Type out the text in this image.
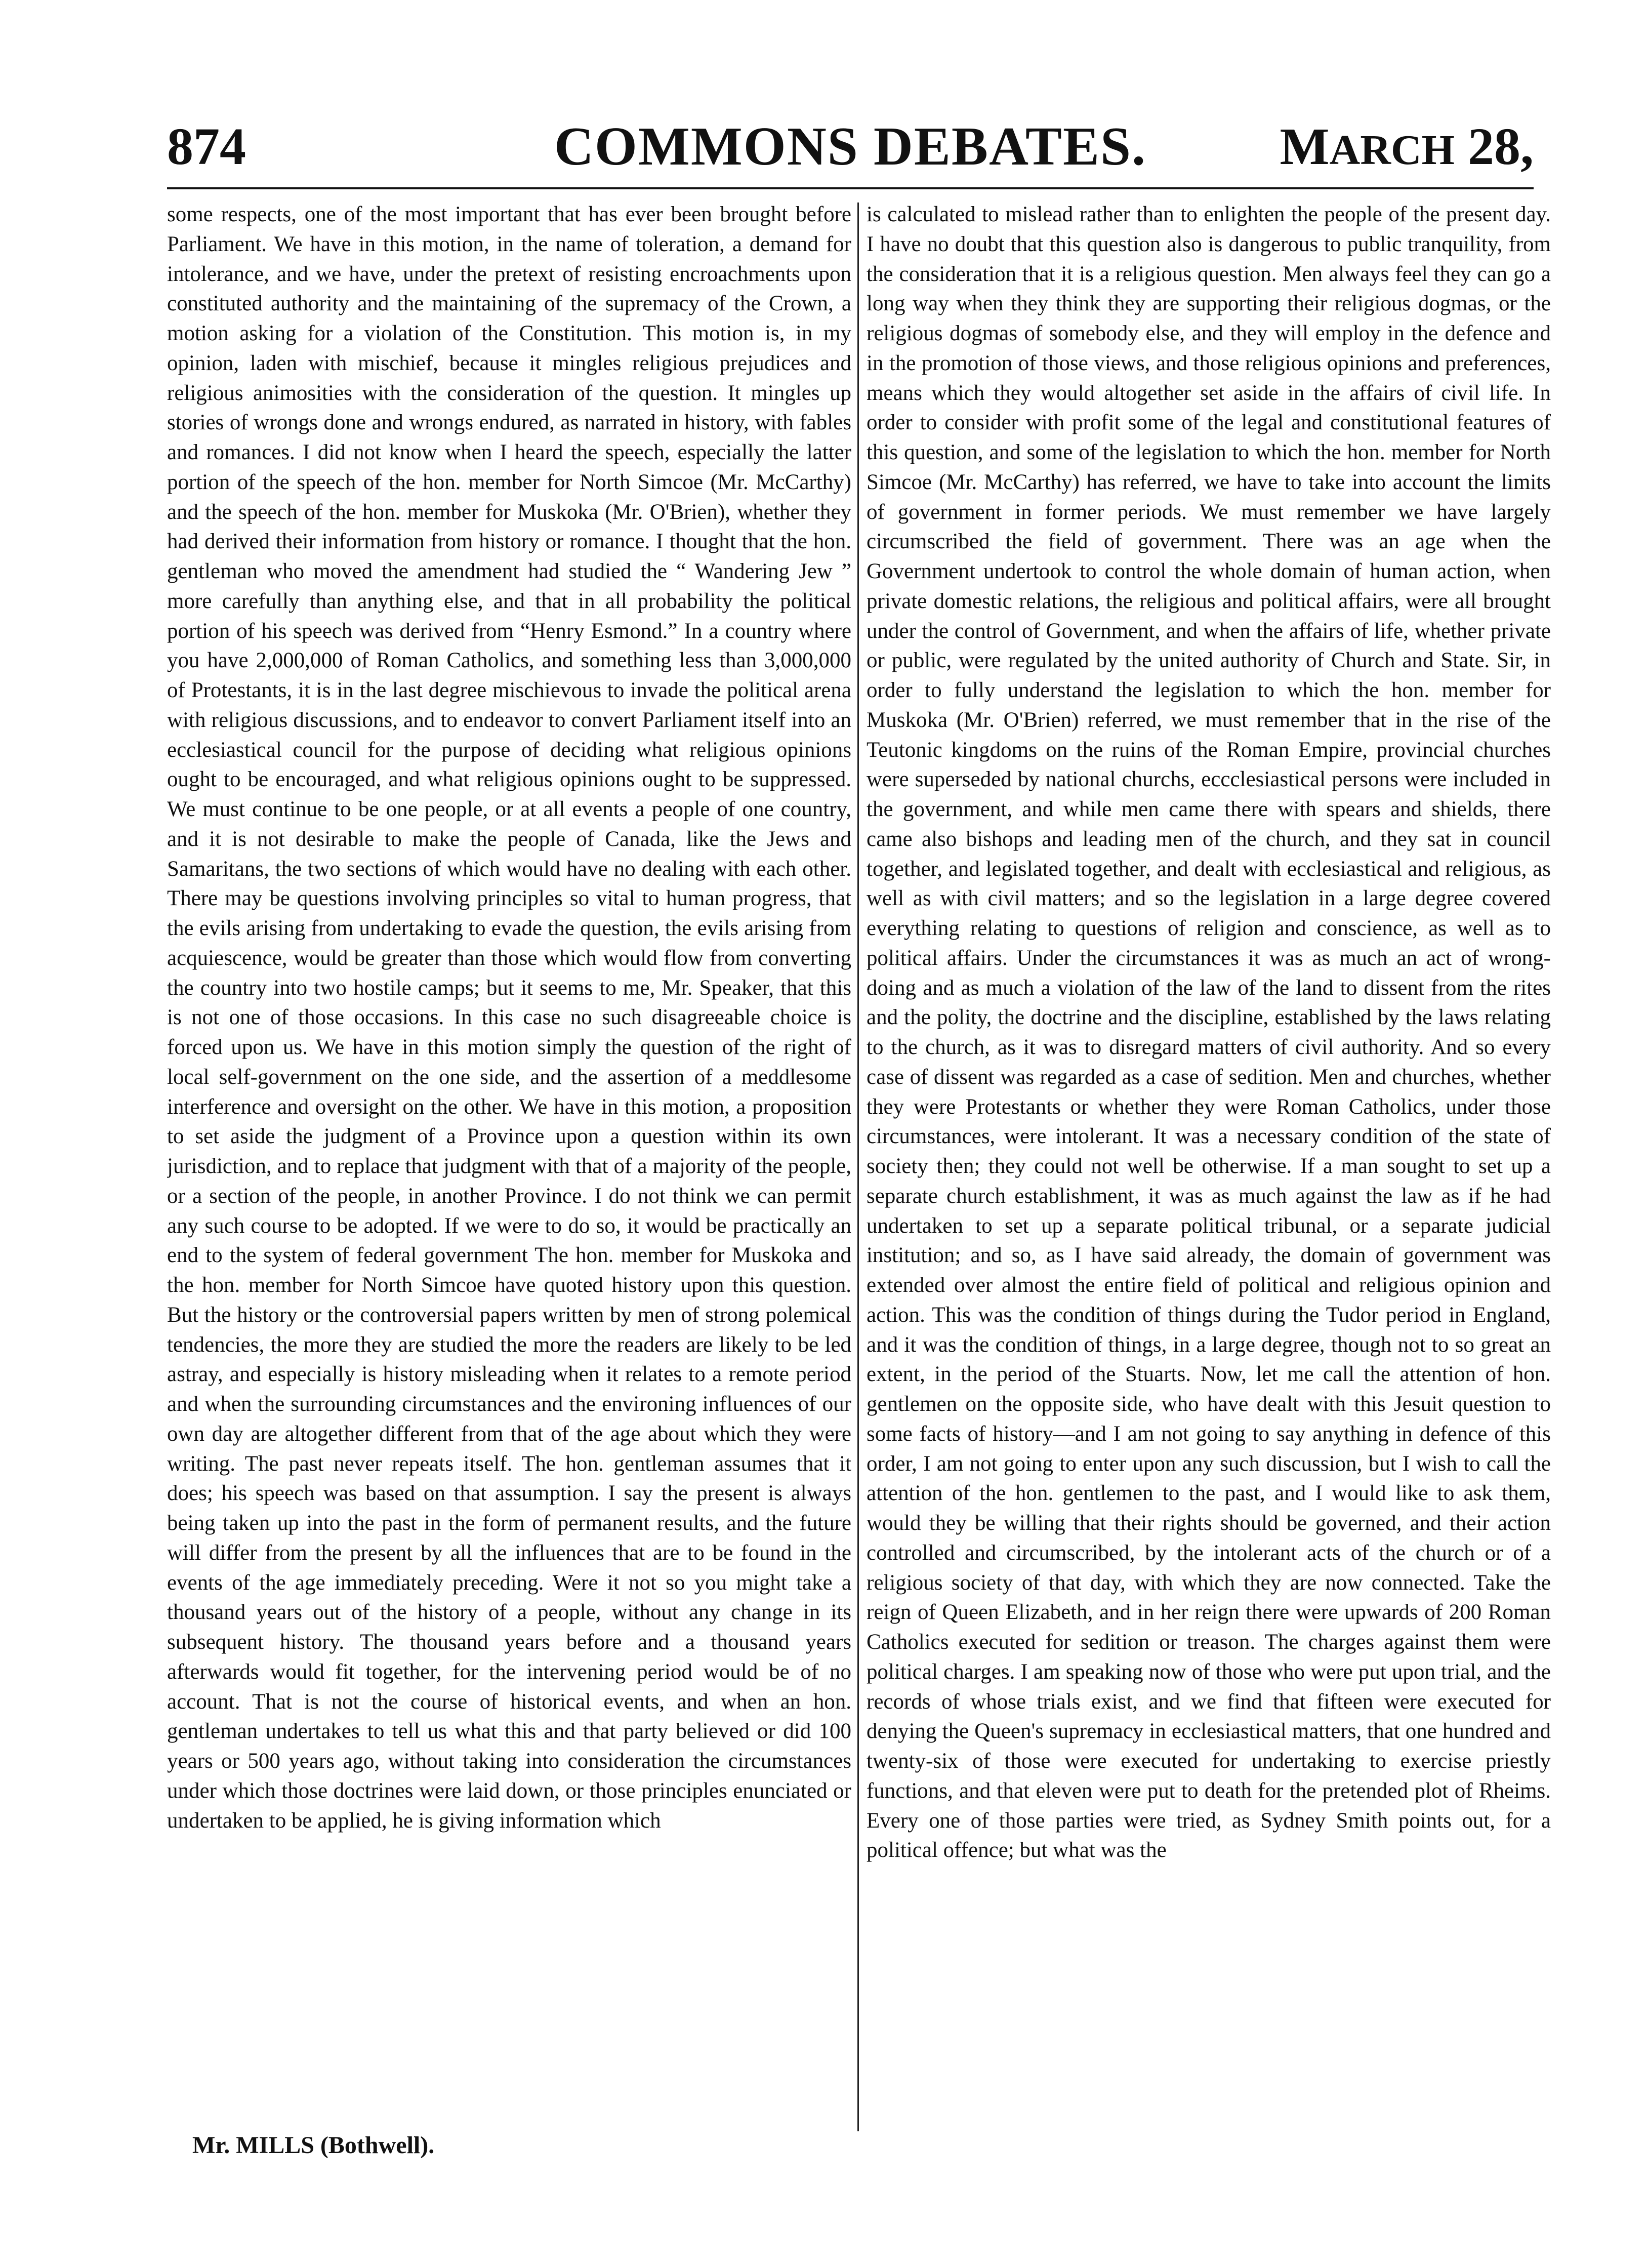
874	COMMONS DEBATES.	MARCH 28,

some respects, one of the most important that has ever been brought before Parliament. We have in this motion, in the name of toleration, a demand for intolerance, and we have, under the pretext of resisting encroachments upon constituted authority and the maintaining of the supremacy of the Crown, a motion asking for a violation of the Constitution. This motion is, in my opinion, laden with mischief, because it mingles religious prejudices and religious animosities with the consideration of the question. It mingles up stories of wrongs done and wrongs endured, as narrated in history, with fables and romances. I did not know when I heard the speech, especially the latter portion of the speech of the hon. member for North Simcoe (Mr. McCarthy) and the speech of the hon. member for Muskoka (Mr. O'Brien), whether they had derived their information from history or romance. I thought that the hon. gentleman who moved the amendment had studied the “ Wandering Jew ” more carefully than anything else, and that in all probability the political portion of his speech was derived from “Henry Esmond.” In a country where you have 2,000,000 of Roman Catholics, and something less than 3,000,000 of Protestants, it is in the last degree mischievous to invade the political arena with religious discussions, and to endeavor to convert Parliament itself into an ecclesiastical council for the purpose of deciding what religious opinions ought to be encouraged, and what religious opinions ought to be suppressed. We must continue to be one people, or at all events a people of one country, and it is not desirable to make the people of Canada, like the Jews and Samaritans, the two sections of which would have no dealing with each other. There may be questions involving principles so vital to human progress, that the evils arising from undertaking to evade the question, the evils arising from acquiescence, would be greater than those which would flow from converting the country into two hostile camps; but it seems to me, Mr. Speaker, that this is not one of those occasions. In this case no such disagreeable choice is forced upon us. We have in this motion simply the question of the right of local self-government on the one side, and the assertion of a meddlesome interference and oversight on the other. We have in this motion, a proposition to set aside the judgment of a Province upon a question within its own jurisdiction, and to replace that judgment with that of a majority of the people, or a section of the people, in another Province. I do not think we can permit any such course to be adopted. If we were to do so, it would be practically an end to the system of federal government The hon. member for Muskoka and the hon. member for North Simcoe have quoted history upon this question. But the history or the controversial papers written by men of strong polemical tendencies, the more they are studied the more the readers are likely to be led astray, and especially is history misleading when it relates to a remote period and when the surrounding circumstances and the environing influences of our own day are altogether different from that of the age about which they were writing. The past never repeats itself. The hon. gentleman assumes that it does; his speech was based on that assumption. I say the present is always being taken up into the past in the form of permanent results, and the future will differ from the present by all the influences that are to be found in the events of the age immediately preceding. Were it not so you might take a thousand years out of the history of a people, without any change in its subsequent history. The thousand years before and a thousand years afterwards would fit together, for the intervening period would be of no account. That is not the course of historical events, and when an hon. gentleman undertakes to tell us what this and that party believed or did 100 years or 500 years ago, without taking into consideration the circumstances under which those doctrines were laid down, or those principles enunciated or undertaken to be applied, he is giving information which

is calculated to mislead rather than to enlighten the people of the present day. I have no doubt that this question also is dangerous to public tranquility, from the consideration that it is a religious question. Men always feel they can go a long way when they think they are supporting their religious dogmas, or the religious dogmas of somebody else, and they will employ in the defence and in the promotion of those views, and those religious opinions and preferences, means which they would altogether set aside in the affairs of civil life. In order to consider with profit some of the legal and constitutional features of this question, and some of the legislation to which the hon. member for North Simcoe (Mr. McCarthy) has referred, we have to take into account the limits of government in former periods. We must remember we have largely circumscribed the field of government. There was an age when the Government undertook to control the whole domain of human action, when private domestic relations, the religious and political affairs, were all brought under the control of Government, and when the affairs of life, whether private or public, were regulated by the united authority of Church and State. Sir, in order to fully understand the legislation to which the hon. member for Muskoka (Mr. O'Brien) referred, we must remember that in the rise of the Teutonic kingdoms on the ruins of the Roman Empire, provincial churches were superseded by national churchs, eccclesiastical persons were included in the government, and while men came there with spears and shields, there came also bishops and leading men of the church, and they sat in council together, and legislated together, and dealt with ecclesiastical and religious, as well as with civil matters; and so the legislation in a large degree covered everything relating to questions of religion and conscience, as well as to political affairs. Under the circumstances it was as much an act of wrong-doing and as much a violation of the law of the land to dissent from the rites and the polity, the doctrine and the discipline, established by the laws relating to the church, as it was to disregard matters of civil authority. And so every case of dissent was regarded as a case of sedition. Men and churches, whether they were Protestants or whether they were Roman Catholics, under those circumstances, were intolerant. It was a necessary condition of the state of society then; they could not well be otherwise. If a man sought to set up a separate church establishment, it was as much against the law as if he had undertaken to set up a separate political tribunal, or a separate judicial institution; and so, as I have said already, the domain of government was extended over almost the entire field of political and religious opinion and action. This was the condition of things during the Tudor period in England, and it was the condition of things, in a large degree, though not to so great an extent, in the period of the Stuarts. Now, let me call the attention of hon. gentlemen on the opposite side, who have dealt with this Jesuit question to some facts of history—and I am not going to say anything in defence of this order, I am not going to enter upon any such discussion, but I wish to call the attention of the hon. gentlemen to the past, and I would like to ask them, would they be willing that their rights should be governed, and their action controlled and circumscribed, by the intolerant acts of the church or of a religious society of that day, with which they are now connected. Take the reign of Queen Elizabeth, and in her reign there were upwards of 200 Roman Catholics executed for sedition or treason. The charges against them were political charges. I am speaking now of those who were put upon trial, and the records of whose trials exist, and we find that fifteen were executed for denying the Queen's supremacy in ecclesiastical matters, that one hundred and twenty-six of those were executed for undertaking to exercise priestly functions, and that eleven were put to death for the pretended plot of Rheims. Every one of those parties were tried, as Sydney Smith points out, for a political offence; but what was the

Mr. MILLS (Bothwell).
